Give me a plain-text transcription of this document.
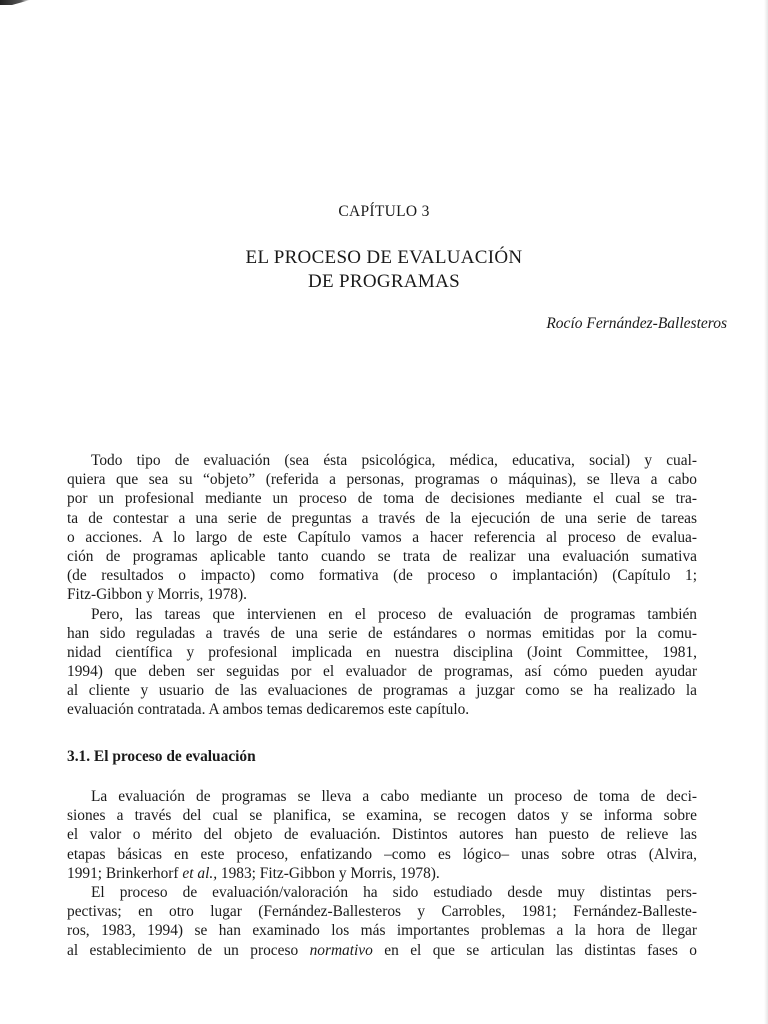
CAPÍTULO 3
EL PROCESO DE EVALUACIÓN
DE PROGRAMAS
Rocío Fernández-Ballesteros
Todo tipo de evaluación (sea ésta psicológica, médica, educativa, social) y cual-
quiera que sea su “objeto” (referida a personas, programas o máquinas), se lleva a cabo
por un profesional mediante un proceso de toma de decisiones mediante el cual se tra-
ta de contestar a una serie de preguntas a través de la ejecución de una serie de tareas
o acciones. A lo largo de este Capítulo vamos a hacer referencia al proceso de evalua-
ción de programas aplicable tanto cuando se trata de realizar una evaluación sumativa
(de resultados o impacto) como formativa (de proceso o implantación) (Capítulo 1;
Fitz-Gibbon y Morris, 1978).
Pero, las tareas que intervienen en el proceso de evaluación de programas también
han sido reguladas a través de una serie de estándares o normas emitidas por la comu-
nidad científica y profesional implicada en nuestra disciplina (Joint Committee, 1981,
1994) que deben ser seguidas por el evaluador de programas, así cómo pueden ayudar
al cliente y usuario de las evaluaciones de programas a juzgar como se ha realizado la
evaluación contratada. A ambos temas dedicaremos este capítulo.
3.1. El proceso de evaluación
La evaluación de programas se lleva a cabo mediante un proceso de toma de deci-
siones a través del cual se planifica, se examina, se recogen datos y se informa sobre
el valor o mérito del objeto de evaluación. Distintos autores han puesto de relieve las
etapas básicas en este proceso, enfatizando –como es lógico– unas sobre otras (Alvira,
1991; Brinkerhorf et al., 1983; Fitz-Gibbon y Morris, 1978).
El proceso de evaluación/valoración ha sido estudiado desde muy distintas pers-
pectivas; en otro lugar (Fernández-Ballesteros y Carrobles, 1981; Fernández-Balleste-
ros, 1983, 1994) se han examinado los más importantes problemas a la hora de llegar
al establecimiento de un proceso normativo en el que se articulan las distintas fases o
